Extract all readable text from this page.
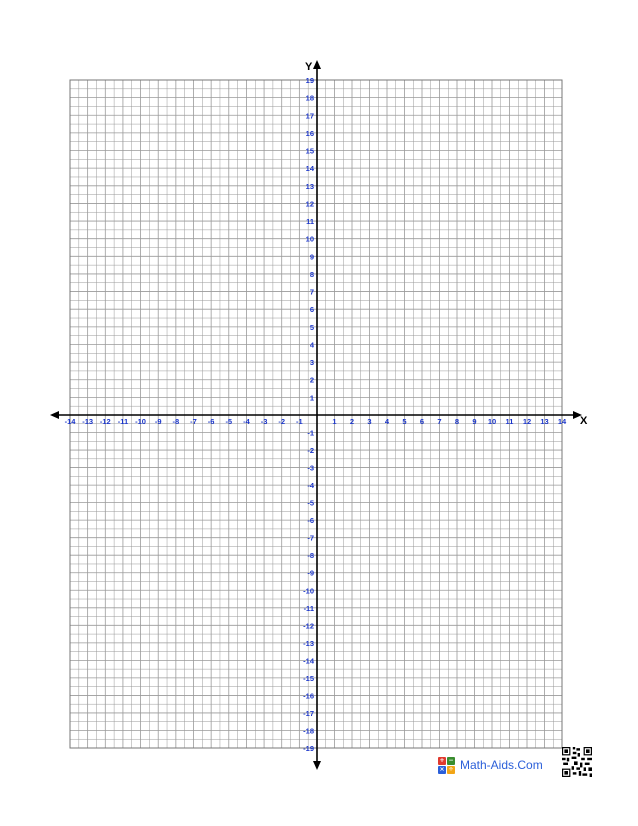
-14 -13 -12 -11 -10 -9 -8 -7 -6 -5 -4 -3 -2 -1	1 2 3 4 5 6 7 8 9 10 11 12 13 14
-19
-18
-17
-16
-15
-14
-13
-12
-11
-10
-9
-8
-7
-6
-5
-4
-3
-2
-1
1
2
3
4
5
6
7
8
9
10
11
12
13
14
15
16
17
18
19
X
Y
+ −
× ÷ Math-Aids.Com
